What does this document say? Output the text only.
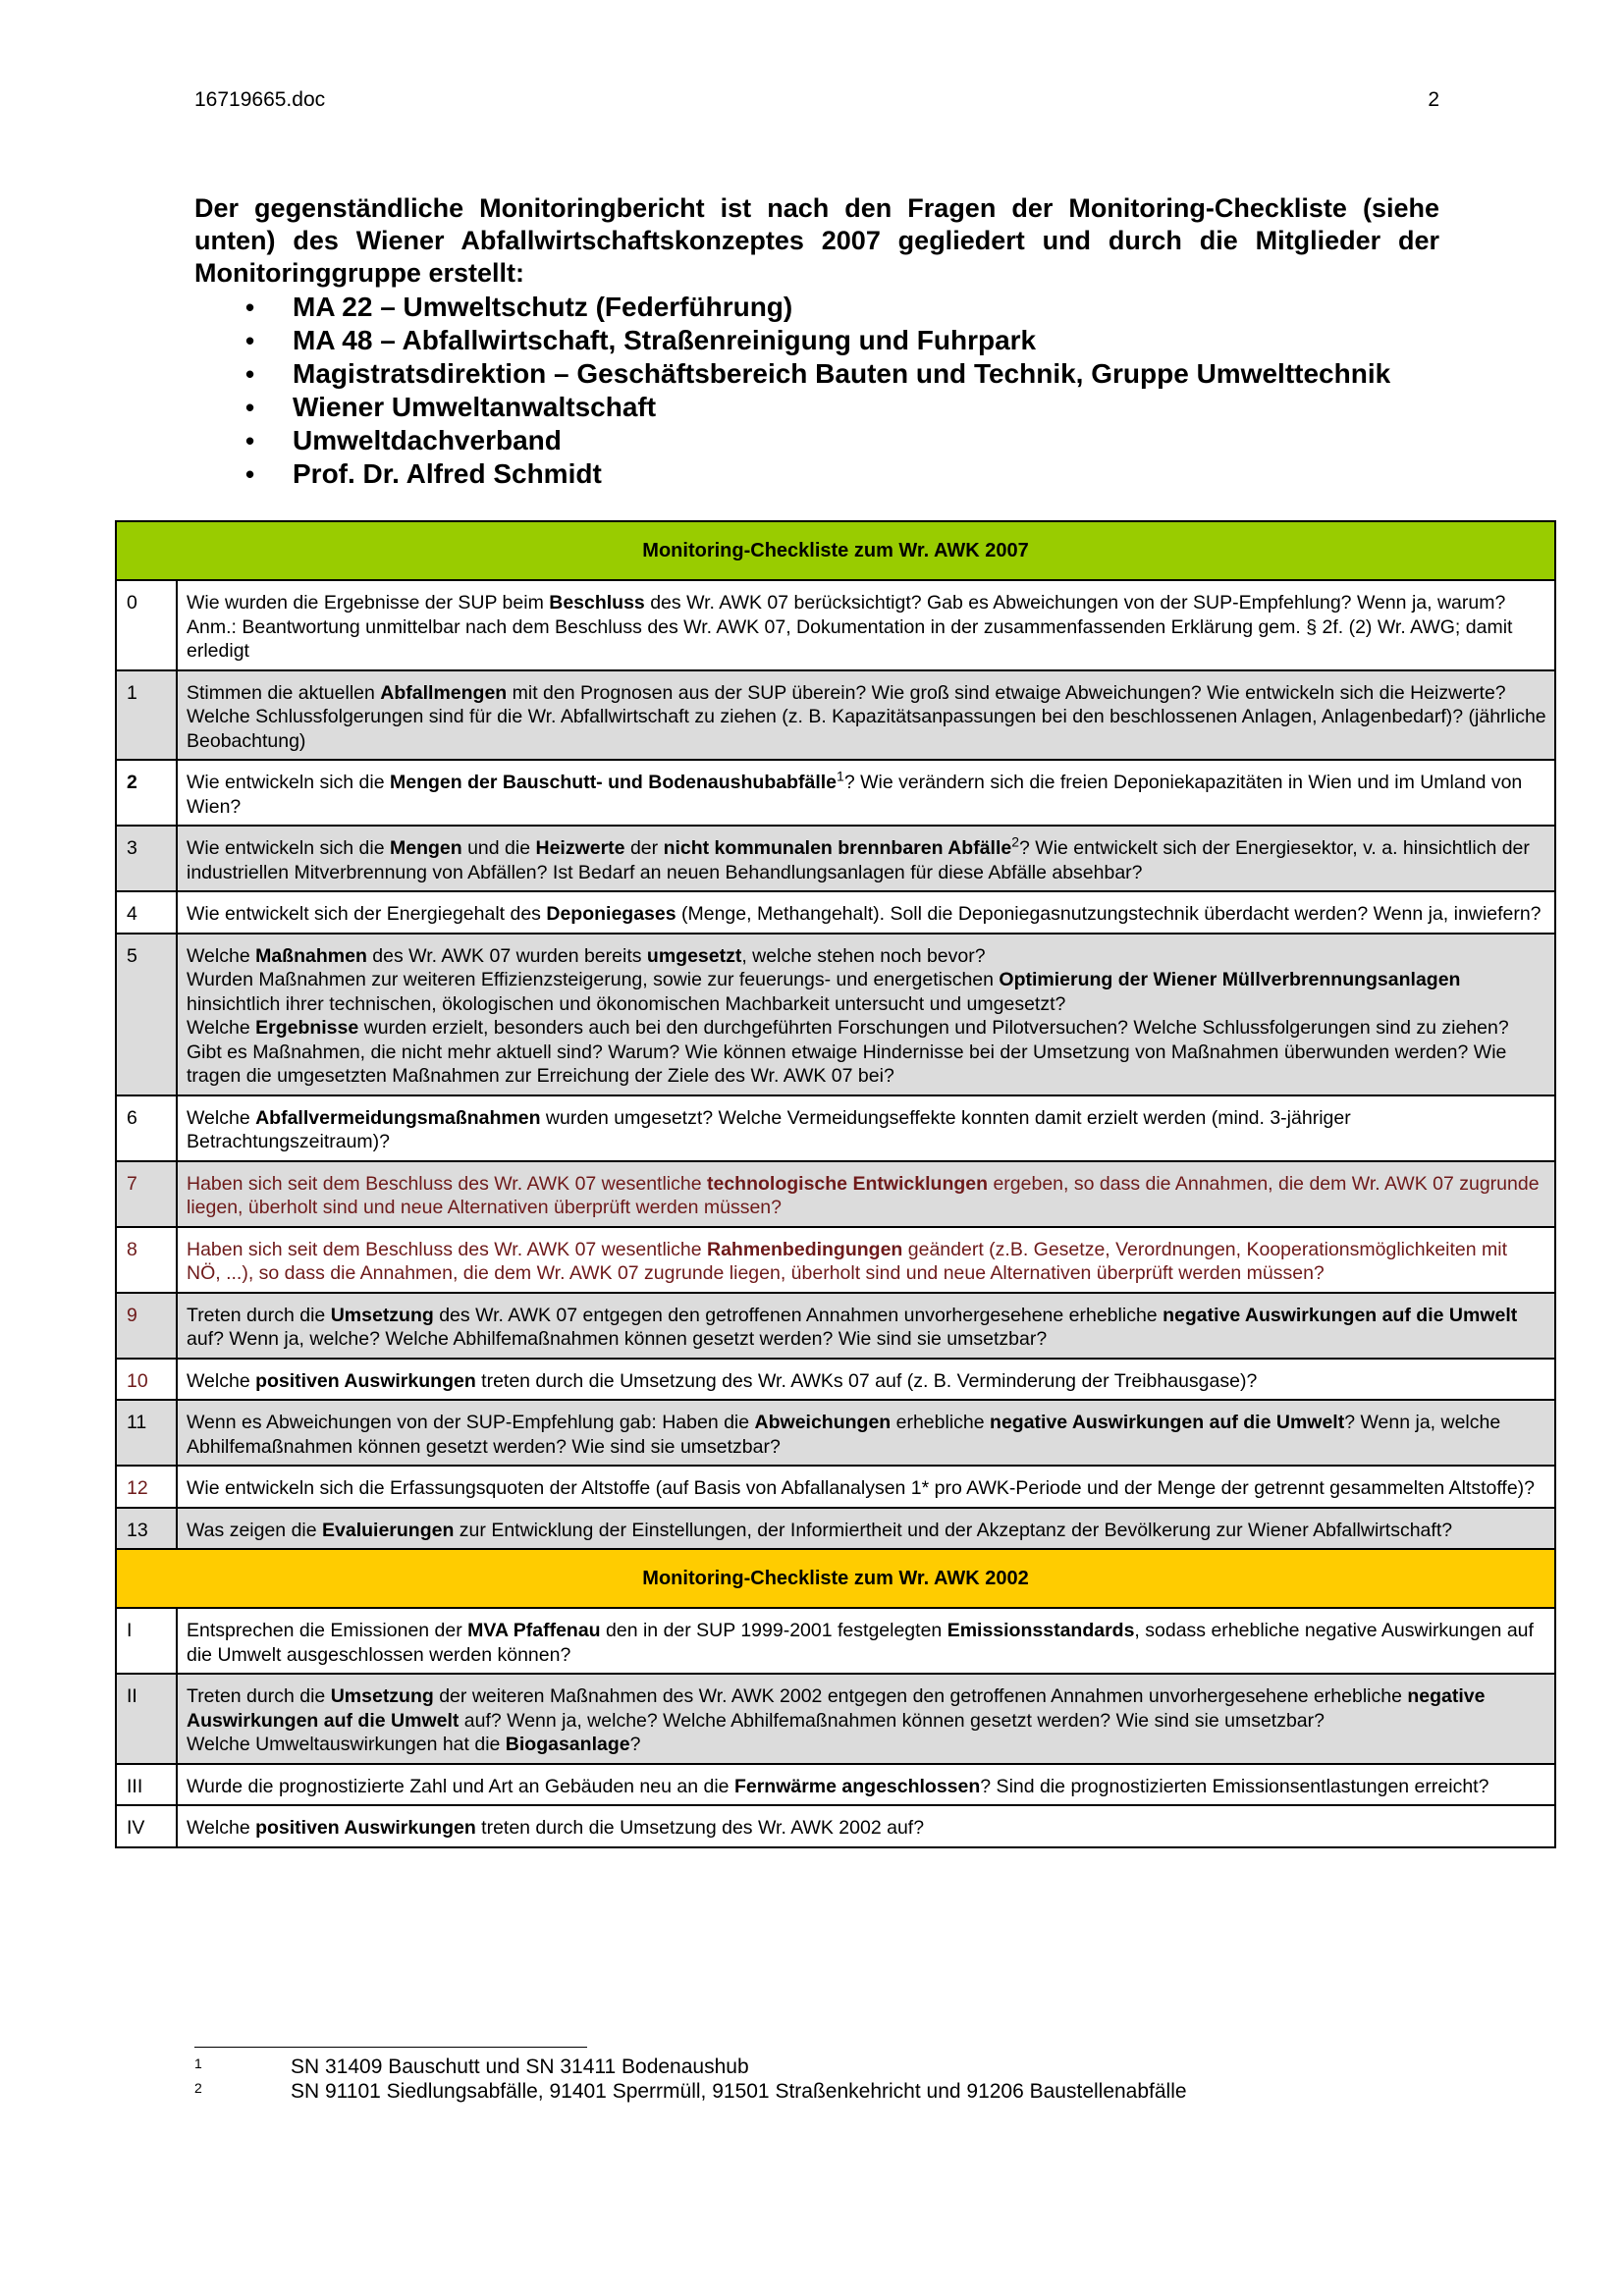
16719665.doc	2
Der gegenständliche Monitoringbericht ist nach den Fragen der Monitoring-Checkliste (siehe unten) des Wiener Abfallwirtschaftskonzeptes 2007 gegliedert und durch die Mitglieder der Monitoringgruppe erstellt:
• MA 22 – Umweltschutz (Federführung)
• MA 48 – Abfallwirtschaft, Straßenreinigung und Fuhrpark
• Magistratsdirektion – Geschäftsbereich Bauten und Technik, Gruppe Umwelttechnik
• Wiener Umweltanwaltschaft
• Umweltdachverband
• Prof. Dr. Alfred Schmidt
Monitoring-Checkliste zum Wr. AWK 2007	
0	Wie wurden die Ergebnisse der SUP beim Beschluss des Wr. AWK 07 berücksichtigt? Gab es Abweichungen von der SUP-Empfehlung? Wenn ja, warum? Anm.: Beantwortung unmittelbar nach dem Beschluss des Wr. AWK 07, Dokumentation in der zusammenfassenden Erklärung gem. § 2f. (2) Wr. AWG; damit erledigt
1	Stimmen die aktuellen Abfallmengen mit den Prognosen aus der SUP überein? Wie groß sind etwaige Abweichungen? Wie entwickeln sich die Heizwerte? Welche Schlussfolgerungen sind für die Wr. Abfallwirtschaft zu ziehen (z. B. Kapazitätsanpassungen bei den beschlossenen Anlagen, Anlagenbedarf)? (jährliche Beobachtung)
2	Wie entwickeln sich die Mengen der Bauschutt- und Bodenaushubabfälle$^1$? Wie verändern sich die freien Deponiekapazitäten in Wien und im Umland von Wien?
3	Wie entwickeln sich die Mengen und die Heizwerte der nicht kommunalen brennbaren Abfälle$^2$? Wie entwickelt sich der Energiesektor, v. a. hinsichtlich der industriellen Mitverbrennung von Abfällen? Ist Bedarf an neuen Behandlungsanlagen für diese Abfälle absehbar?
4	Wie entwickelt sich der Energiegehalt des Deponiegases (Menge, Methangehalt). Soll die Deponiegasnutzungstechnik überdacht werden? Wenn ja, inwiefern?
5	Welche Maßnahmen des Wr. AWK 07 wurden bereits umgesetzt, welche stehen noch bevor?
Wurden Maßnahmen zur weiteren Effizienzsteigerung, sowie zur feuerungs- und energetischen Optimierung der Wiener Müllverbrennungsanlagen hinsichtlich ihrer technischen, ökologischen und ökonomischen Machbarkeit untersucht und umgesetzt?
Welche Ergebnisse wurden erzielt, besonders auch bei den durchgeführten Forschungen und Pilotversuchen? Welche Schlussfolgerungen sind zu ziehen? Gibt es Maßnahmen, die nicht mehr aktuell sind? Warum? Wie können etwaige Hindernisse bei der Umsetzung von Maßnahmen überwunden werden? Wie tragen die umgesetzten Maßnahmen zur Erreichung der Ziele des Wr. AWK 07 bei?
6	Welche Abfallvermeidungsmaßnahmen wurden umgesetzt? Welche Vermeidungseffekte konnten damit erzielt werden (mind. 3-jähriger Betrachtungszeitraum)?
7	Haben sich seit dem Beschluss des Wr. AWK 07 wesentliche technologische Entwicklungen ergeben, so dass die Annahmen, die dem Wr. AWK 07 zugrunde liegen, überholt sind und neue Alternativen überprüft werden müssen?
8	Haben sich seit dem Beschluss des Wr. AWK 07 wesentliche Rahmenbedingungen geändert (z.B. Gesetze, Verordnungen, Kooperationsmöglichkeiten mit NÖ, ...), so dass die Annahmen, die dem Wr. AWK 07 zugrunde liegen, überholt sind und neue Alternativen überprüft werden müssen?
9	Treten durch die Umsetzung des Wr. AWK 07 entgegen den getroffenen Annahmen unvorhergesehene erhebliche negative Auswirkungen auf die Umwelt auf? Wenn ja, welche? Welche Abhilfemaßnahmen können gesetzt werden? Wie sind sie umsetzbar?
10	Welche positiven Auswirkungen treten durch die Umsetzung des Wr. AWKs 07 auf (z. B. Verminderung der Treibhausgase)?
11	Wenn es Abweichungen von der SUP-Empfehlung gab: Haben die Abweichungen erhebliche negative Auswirkungen auf die Umwelt? Wenn ja, welche Abhilfemaßnahmen können gesetzt werden? Wie sind sie umsetzbar?
12	Wie entwickeln sich die Erfassungsquoten der Altstoffe (auf Basis von Abfallanalysen 1* pro AWK-Periode und der Menge der getrennt gesammelten Altstoffe)?
13	Was zeigen die Evaluierungen zur Entwicklung der Einstellungen, der Informiertheit und der Akzeptanz der Bevölkerung zur Wiener Abfallwirtschaft?
Monitoring-Checkliste zum Wr. AWK 2002	
I	Entsprechen die Emissionen der MVA Pfaffenau den in der SUP 1999-2001 festgelegten Emissionsstandards, sodass erhebliche negative Auswirkungen auf die Umwelt ausgeschlossen werden können?
II	Treten durch die Umsetzung der weiteren Maßnahmen des Wr. AWK 2002 entgegen den getroffenen Annahmen unvorhergesehene erhebliche negative Auswirkungen auf die Umwelt auf? Wenn ja, welche? Welche Abhilfemaßnahmen können gesetzt werden? Wie sind sie umsetzbar?
Welche Umweltauswirkungen hat die Biogasanlage?
III	Wurde die prognostizierte Zahl und Art an Gebäuden neu an die Fernwärme angeschlossen? Sind die prognostizierten Emissionsentlastungen erreicht?
IV	Welche positiven Auswirkungen treten durch die Umsetzung des Wr. AWK 2002 auf?
1	SN 31409 Bauschutt und SN 31411 Bodenaushub
2	SN 91101 Siedlungsabfälle, 91401 Sperrmüll, 91501 Straßenkehricht und 91206 Baustellenabfälle
